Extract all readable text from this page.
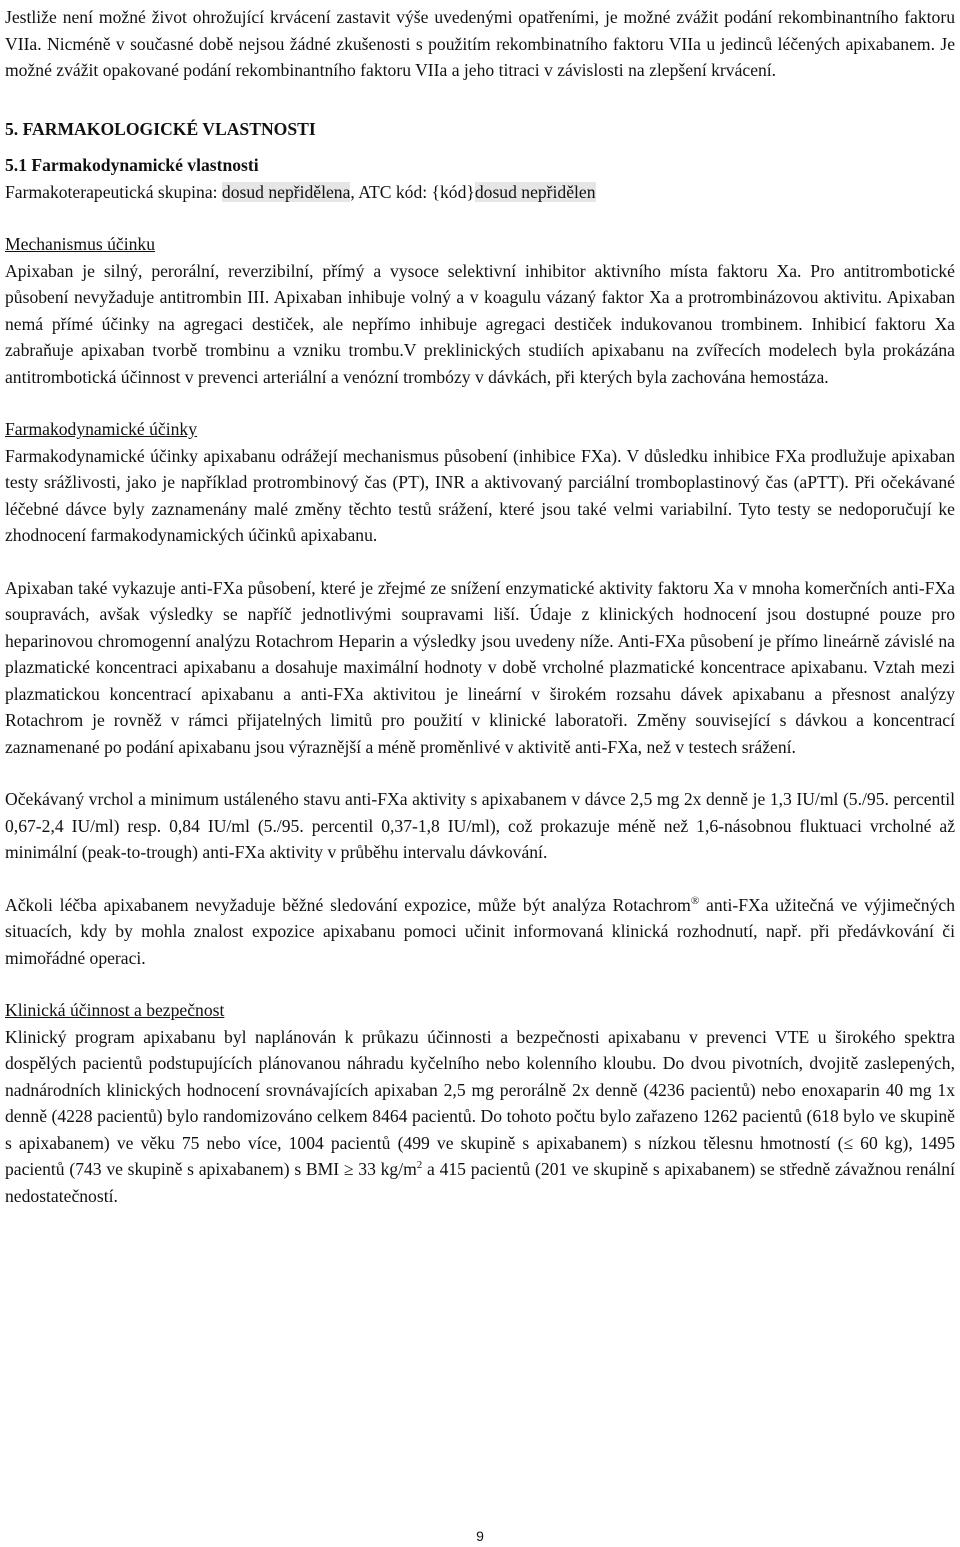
Jestliže není možné život ohrožující krvácení zastavit výše uvedenými opatřeními, je možné zvážit podání rekombinantního faktoru VIIa. Nicméně v současné době nejsou žádné zkušenosti s použitím rekombinatního faktoru VIIa u jedinců léčených apixabanem. Je možné zvážit opakované podání rekombinantního faktoru VIIa a jeho titraci v závislosti na zlepšení krvácení.

5. FARMAKOLOGICKÉ VLASTNOSTI

5.1 Farmakodynamické vlastnosti

Farmakoterapeutická skupina: dosud nepřidělena, ATC kód: {kód}dosud nepřidělen

Mechanismus účinku

Apixaban je silný, perorální, reverzibilní, přímý a vysoce selektivní inhibitor aktivního místa faktoru Xa. Pro antitrombotické působení nevyžaduje antitrombin III. Apixaban inhibuje volný a v koagulu vázaný faktor Xa a protrombinázovou aktivitu. Apixaban nemá přímé účinky na agregaci destiček, ale nepřímo inhibuje agregaci destiček indukovanou trombinem. Inhibicí faktoru Xa zabraňuje apixaban tvorbě trombinu a vzniku trombu.V preklinických studiích apixabanu na zvířecích modelech byla prokázána antitrombotická účinnost v prevenci arteriální a venózní trombózy v dávkách, při kterých byla zachována hemostáza.

Farmakodynamické účinky

Farmakodynamické účinky apixabanu odrážejí mechanismus působení (inhibice FXa). V důsledku inhibice FXa prodlužuje apixaban testy srážlivosti, jako je například protrombinový čas (PT), INR a aktivovaný parciální tromboplastinový čas (aPTT). Při očekávané léčebné dávce byly zaznamenány malé změny těchto testů srážení, které jsou také velmi variabilní. Tyto testy se nedoporučují ke zhodnocení farmakodynamických účinků apixabanu.

Apixaban také vykazuje anti-FXa působení, které je zřejmé ze snížení enzymatické aktivity faktoru Xa v mnoha komerčních anti-FXa soupravách, avšak výsledky se napříč jednotlivými soupravami liší. Údaje z klinických hodnocení jsou dostupné pouze pro heparinovou chromogenní analýzu Rotachrom Heparin a výsledky jsou uvedeny níže. Anti-FXa působení je přímo lineárně závislé na plazmatické koncentraci apixabanu a dosahuje maximální hodnoty v době vrcholné plazmatické koncentrace apixabanu. Vztah mezi plazmatickou koncentrací apixabanu a anti-FXa aktivitou je lineární v širokém rozsahu dávek apixabanu a přesnost analýzy Rotachrom je rovněž v rámci přijatelných limitů pro použití v klinické laboratoři. Změny související s dávkou a koncentrací zaznamenané po podání apixabanu jsou výraznější a méně proměnlivé v aktivitě anti-FXa, než v testech srážení.

Očekávaný vrchol a minimum ustáleného stavu anti-FXa aktivity s apixabanem v dávce 2,5 mg 2x denně je 1,3 IU/ml (5./95. percentil 0,67-2,4 IU/ml) resp. 0,84 IU/ml (5./95. percentil 0,37-1,8 IU/ml), což prokazuje méně než 1,6-násobnou fluktuaci vrcholné až minimální (peak-to-trough) anti-FXa aktivity v průběhu intervalu dávkování.

Ačkoli léčba apixabanem nevyžaduje běžné sledování expozice, může být analýza Rotachrom® anti-FXa užitečná ve výjimečných situacích, kdy by mohla znalost expozice apixabanu pomoci učinit informovaná klinická rozhodnutí, např. při předávkování či mimořádné operaci.

Klinická účinnost a bezpečnost

Klinický program apixabanu byl naplánován k průkazu účinnosti a bezpečnosti apixabanu v prevenci VTE u širokého spektra dospělých pacientů podstupujících plánovanou náhradu kyčelního nebo kolenního kloubu. Do dvou pivotních, dvojitě zaslepených, nadnárodních klinických hodnocení srovnávajících apixaban 2,5 mg perorálně 2x denně (4236 pacientů) nebo enoxaparin 40 mg 1x denně (4228 pacientů) bylo randomizováno celkem 8464 pacientů. Do tohoto počtu bylo zařazeno 1262 pacientů (618 bylo ve skupině s apixabanem) ve věku 75 nebo více, 1004 pacientů (499 ve skupině s apixabanem) s nízkou tělesnu hmotností (≤ 60 kg), 1495 pacientů (743 ve skupině s apixabanem) s BMI ≥ 33 $kg/m^2$ a 415 pacientů (201 ve skupině s apixabanem) se středně závažnou renální nedostatečností.

9
